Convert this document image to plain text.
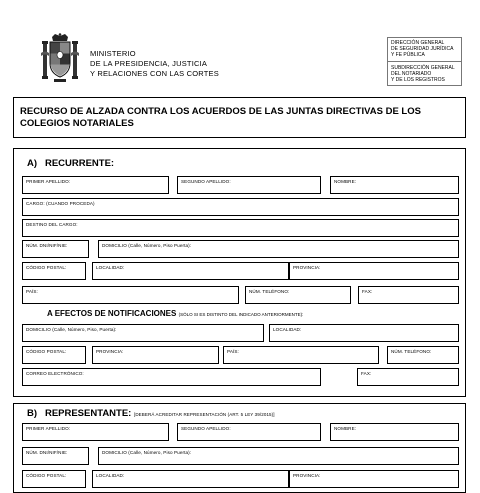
MINISTERIO
DE LA PRESIDENCIA, JUSTICIA
Y RELACIONES CON LAS CORTES
DIRECCIÓN GENERAL
DE SEGURIDAD JURÍDICA
Y FE PÚBLICA
SUBDIRECCIÓN GENERAL
DEL NOTARIADO
Y DE LOS REGISTROS
RECURSO DE ALZADA CONTRA LOS ACUERDOS DE LAS JUNTAS DIRECTIVAS DE LOS COLEGIOS NOTARIALES
A) RECURRENTE:
PRIMER APELLIDO:	SEGUNDO APELLIDO:	NOMBRE:
CARGO: (CUANDO PROCEDA)
DESTINO DEL CARGO:
NÚM. DNI/NIF/NIE:	DOMICILIO (Calle, Número, Piso Puerta):
CÓDIGO POSTAL:	LOCALIDAD:	PROVINCIA:
PAÍS:	NÚM. TELÉFONO:	FAX:
A EFECTOS DE NOTIFICACIONES (SÓLO SI ES DISTINTO DEL INDICADO ANTERIORMENTE):
DOMICILIO (Calle, Número, Piso, Puerta):	LOCALIDAD:
CÓDIGO POSTAL:	PROVINCIA:	PAÍS:	NÚM. TELÉFONO:
CORREO ELECTRÓNICO:	FAX:
B) REPRESENTANTE: [DEBERÁ ACREDITAR REPRESENTACIÓN (ART. 5 LEY 39/2015)]
PRIMER APELLIDO:	SEGUNDO APELLIDO:	NOMBRE:
NÚM. DNI/NIF/NIE:	DOMICILIO (Calle, Número, Piso Puerta):
CÓDIGO POSTAL:	LOCALIDAD:	PROVINCIA:
